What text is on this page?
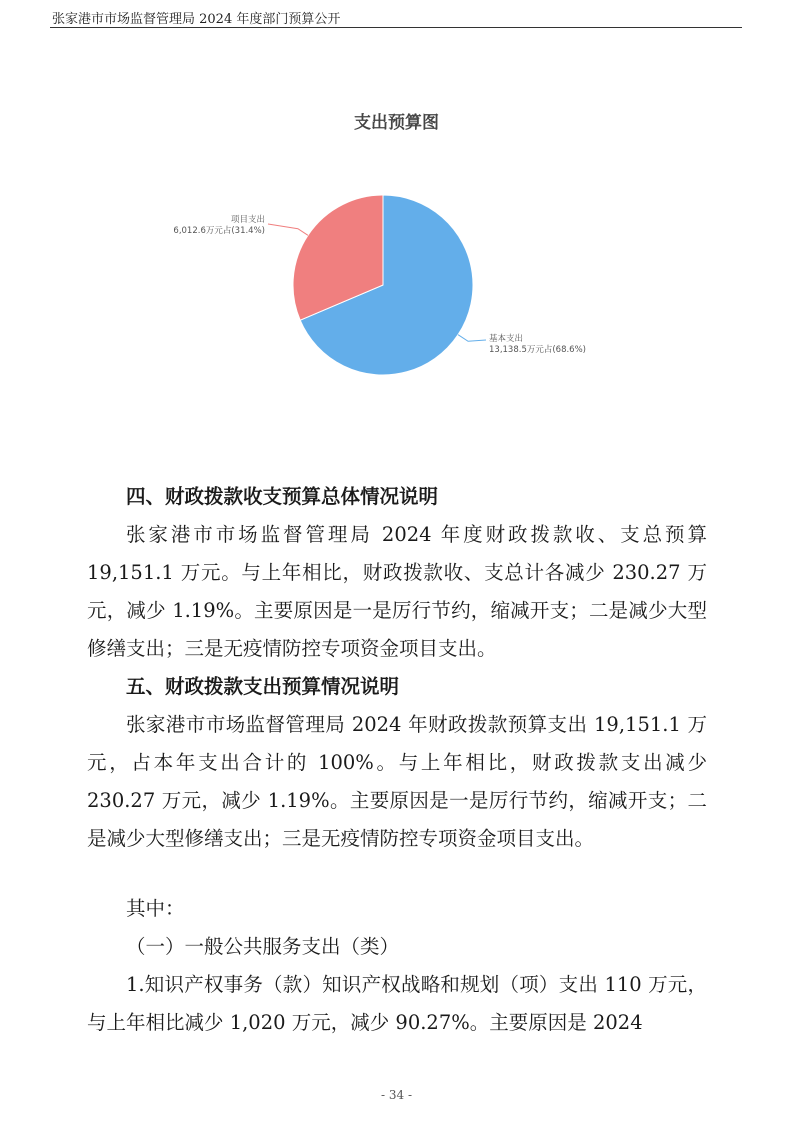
张家港市市场监督管理局 2024 年度部门预算公开
支出预算图
基本支出
13,138.5万元占(68.6%)
项目支出
6,012.6万元占(31.4%)
四、财政拨款收支预算总体情况说明
张家港市市场监督管理局 2024 年度财政拨款收、支总预算 19,151.1 万元。与上年相比，财政拨款收、支总计各减少 230.27 万元，减少 1.19%。主要原因是一是厉行节约，缩减开支；二是减少大型修缮支出；三是无疫情防控专项资金项目支出。
五、财政拨款支出预算情况说明
张家港市市场监督管理局 2024 年财政拨款预算支出 19,151.1 万元，占本年支出合计的 100%。与上年相比，财政拨款支出减少 230.27 万元，减少 1.19%。主要原因是一是厉行节约，缩减开支；二是减少大型修缮支出；三是无疫情防控专项资金项目支出。
其中：
（一）一般公共服务支出（类）
1.知识产权事务（款）知识产权战略和规划（项）支出 110 万元，与上年相比减少 1,020 万元，减少 90.27%。主要原因是 2024
- 34 -
